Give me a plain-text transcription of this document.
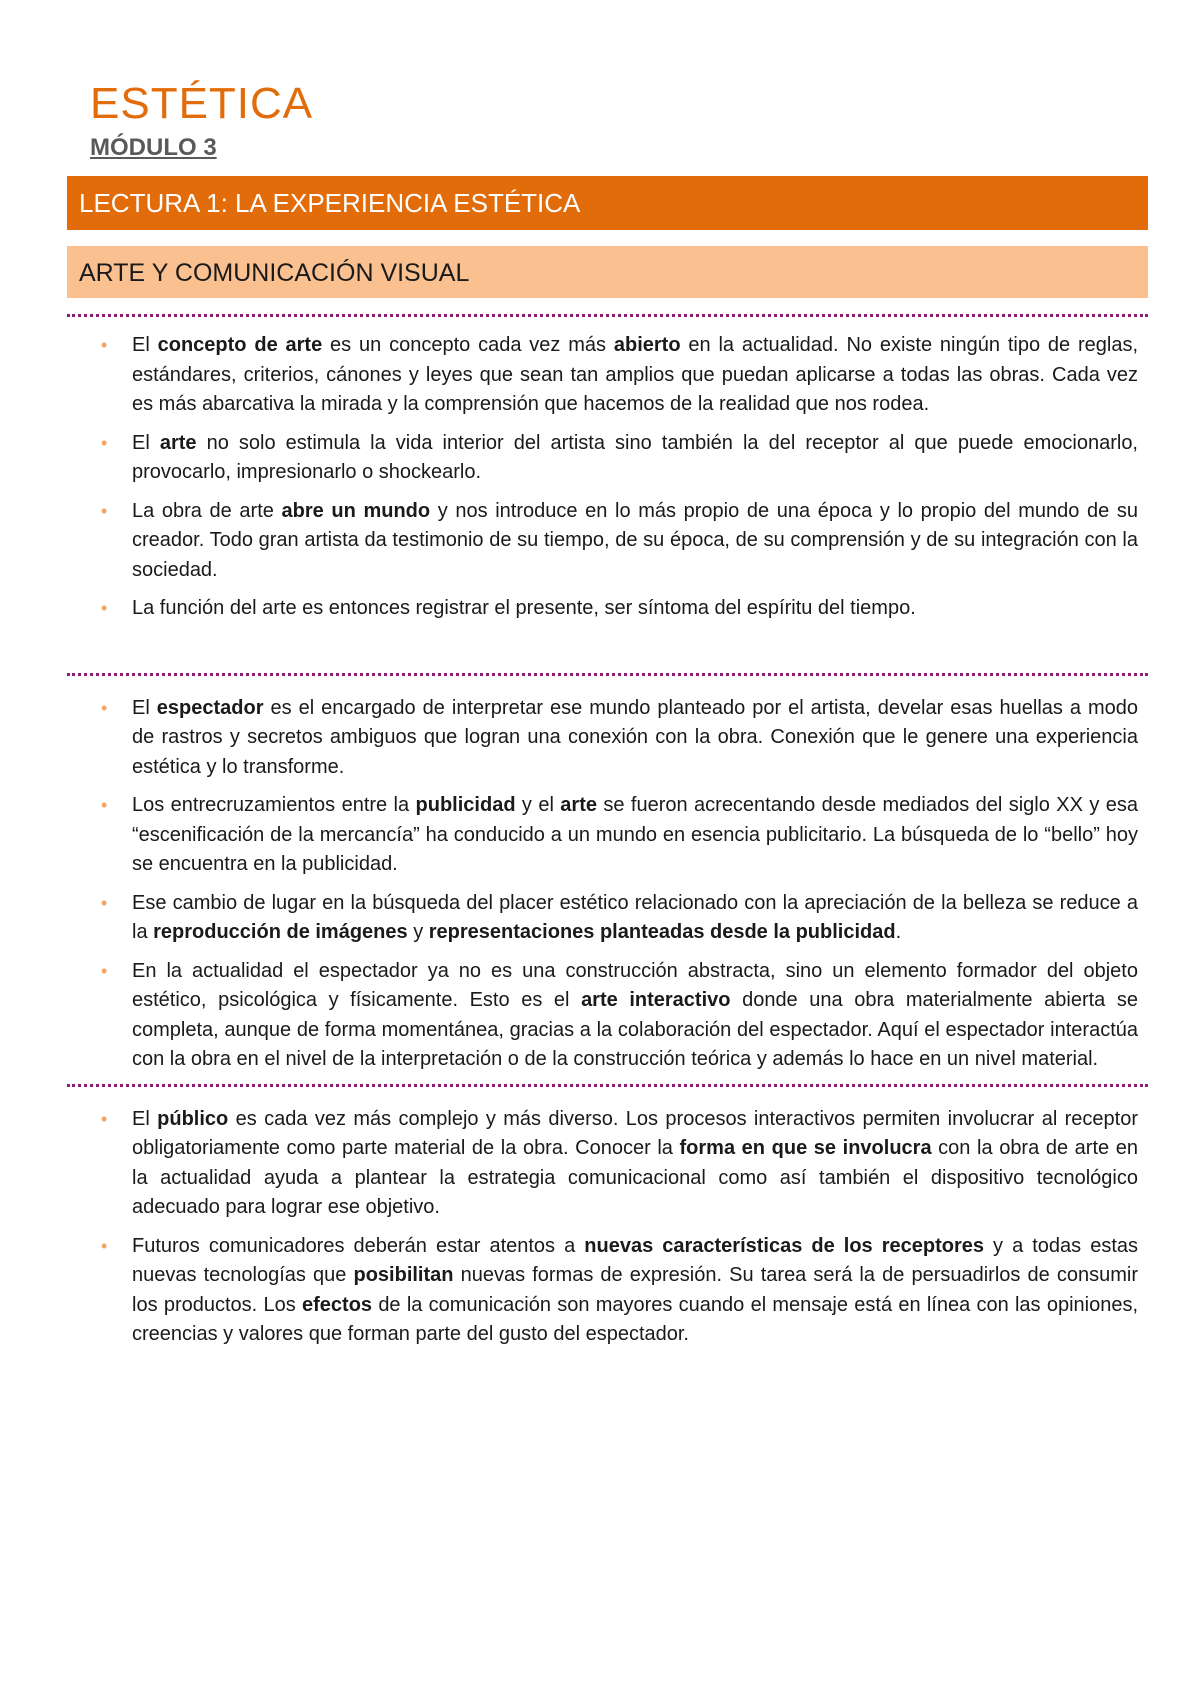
ESTÉTICA
MÓDULO 3
LECTURA 1: LA EXPERIENCIA ESTÉTICA
ARTE Y COMUNICACIÓN VISUAL
•	El concepto de arte es un concepto cada vez más abierto en la actualidad. No existe ningún tipo de reglas, estándares, criterios, cánones y leyes que sean tan amplios que puedan aplicarse a todas las obras. Cada vez es más abarcativa la mirada y la comprensión que hacemos de la realidad que nos rodea.
•	El arte no solo estimula la vida interior del artista sino también la del receptor al que puede emocionarlo, provocarlo, impresionarlo o shockearlo.
•	La obra de arte abre un mundo y nos introduce en lo más propio de una época y lo propio del mundo de su creador. Todo gran artista da testimonio de su tiempo, de su época, de su comprensión y de su integración con la sociedad.
•	La función del arte es entonces registrar el presente, ser síntoma del espíritu del tiempo.
•	El espectador es el encargado de interpretar ese mundo planteado por el artista, develar esas huellas a modo de rastros y secretos ambiguos que logran una conexión con la obra. Conexión que le genere una experiencia estética y lo transforme.
•	Los entrecruzamientos entre la publicidad y el arte se fueron acrecentando desde mediados del siglo XX y esa “escenificación de la mercancía” ha conducido a un mundo en esencia publicitario. La búsqueda de lo “bello” hoy se encuentra en la publicidad.
•	Ese cambio de lugar en la búsqueda del placer estético relacionado con la apreciación de la belleza se reduce a la reproducción de imágenes y representaciones planteadas desde la publicidad.
•	En la actualidad el espectador ya no es una construcción abstracta, sino un elemento formador del objeto estético, psicológica y físicamente. Esto es el arte interactivo donde una obra materialmente abierta se completa, aunque de forma momentánea, gracias a la colaboración del espectador. Aquí el espectador interactúa con la obra en el nivel de la interpretación o de la construcción teórica y además lo hace en un nivel material.
•	El público es cada vez más complejo y más diverso. Los procesos interactivos permiten involucrar al receptor obligatoriamente como parte material de la obra. Conocer la forma en que se involucra con la obra de arte en la actualidad ayuda a plantear la estrategia comunicacional como así también el dispositivo tecnológico adecuado para lograr ese objetivo.
•	Futuros comunicadores deberán estar atentos a nuevas características de los receptores y a todas estas nuevas tecnologías que posibilitan nuevas formas de expresión. Su tarea será la de persuadirlos de consumir los productos. Los efectos de la comunicación son mayores cuando el mensaje está en línea con las opiniones, creencias y valores que forman parte del gusto del espectador.
